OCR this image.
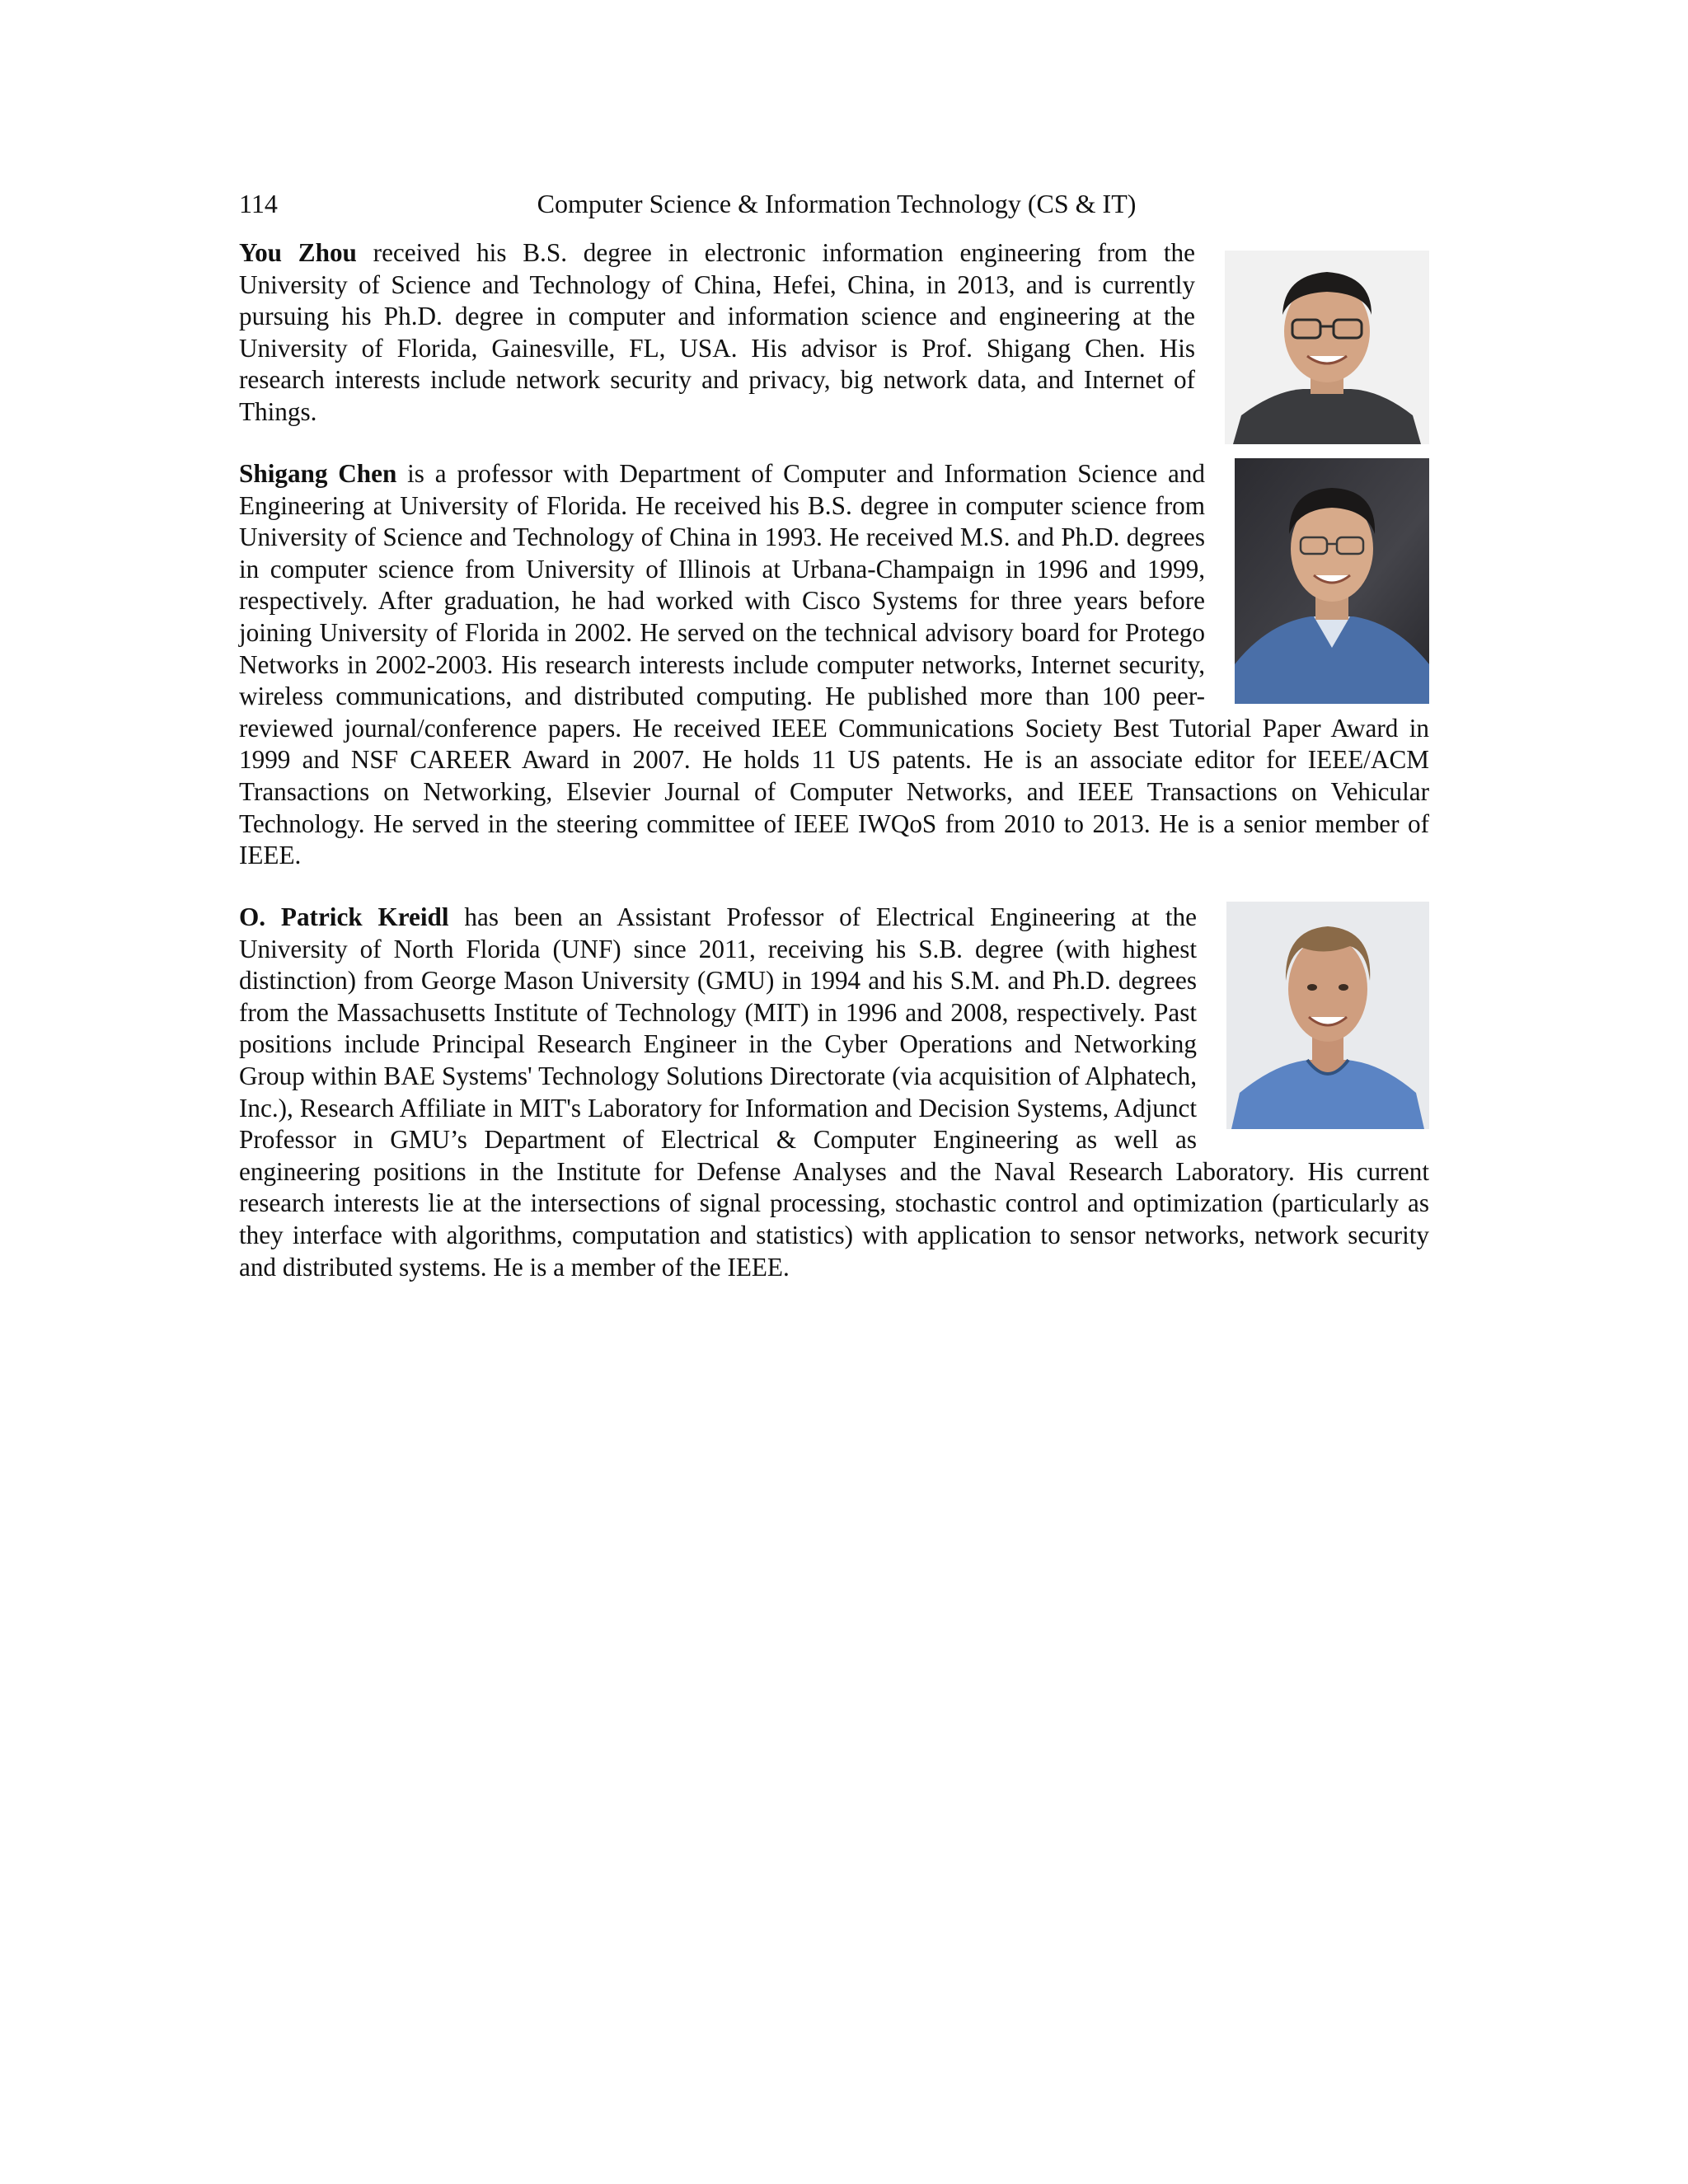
114	Computer Science & Information Technology (CS & IT)
You Zhou received his B.S. degree in electronic information engineering from the University of Science and Technology of China, Hefei, China, in 2013, and is currently pursuing his Ph.D. degree in computer and information science and engineering at the University of Florida, Gainesville, FL, USA. His advisor is Prof. Shigang Chen. His research interests include network security and privacy, big network data, and Internet of Things.
Shigang Chen is a professor with Department of Computer and Information Science and Engineering at University of Florida. He received his B.S. degree in computer science from University of Science and Technology of China in 1993. He received M.S. and Ph.D. degrees in computer science from University of Illinois at Urbana-Champaign in 1996 and 1999, respectively. After graduation, he had worked with Cisco Systems for three years before joining University of Florida in 2002. He served on the technical advisory board for Protego Networks in 2002-2003. His research interests include computer networks, Internet security, wireless communications, and distributed computing. He published more than 100 peer-reviewed journal/conference papers. He received IEEE Communications Society Best Tutorial Paper Award in 1999 and NSF CAREER Award in 2007. He holds 11 US patents. He is an associate editor for IEEE/ACM Transactions on Networking, Elsevier Journal of Computer Networks, and IEEE Transactions on Vehicular Technology. He served in the steering committee of IEEE IWQoS from 2010 to 2013. He is a senior member of IEEE.
O. Patrick Kreidl has been an Assistant Professor of Electrical Engineering at the University of North Florida (UNF) since 2011, receiving his S.B. degree (with highest distinction) from George Mason University (GMU) in 1994 and his S.M. and Ph.D. degrees from the Massachusetts Institute of Technology (MIT) in 1996 and 2008, respectively. Past positions include Principal Research Engineer in the Cyber Operations and Networking Group within BAE Systems' Technology Solutions Directorate (via acquisition of Alphatech, Inc.), Research Affiliate in MIT's Laboratory for Information and Decision Systems, Adjunct Professor in GMU’s Department of Electrical & Computer Engineering as well as engineering positions in the Institute for Defense Analyses and the Naval Research Laboratory. His current research interests lie at the intersections of signal processing, stochastic control and optimization (particularly as they interface with algorithms, computation and statistics) with application to sensor networks, network security and distributed systems. He is a member of the IEEE.
